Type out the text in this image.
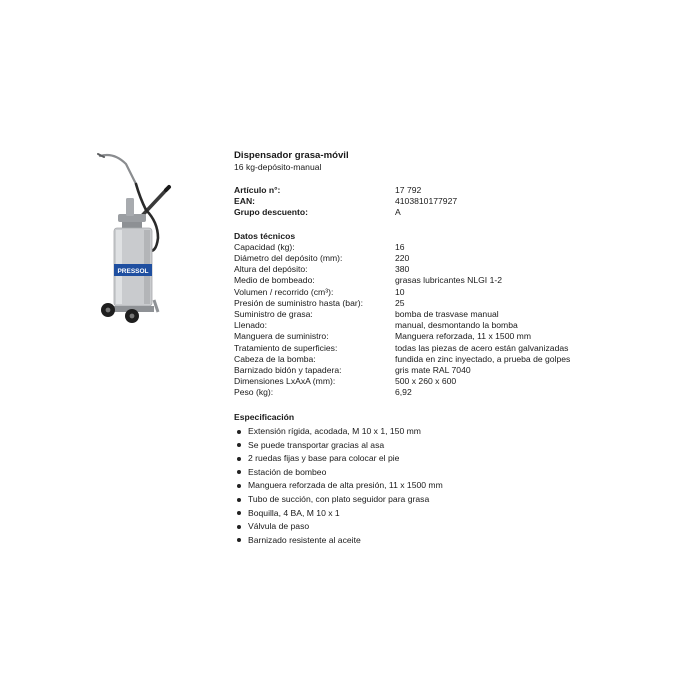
PRESSOL
Dispensador grasa-móvil
16 kg-depósito-manual
Artículo n°:	17 792
EAN:	4103810177927
Grupo descuento:	A
Datos técnicos
Capacidad (kg):	16
Diámetro del depósito (mm):	220
Altura del depósito:	380
Medio de bombeado:	grasas lubricantes NLGI 1-2
Volumen / recorrido (cm³):	10
Presión de suministro hasta (bar):	25
Suministro de grasa:	bomba de trasvase manual
Llenado:	manual, desmontando la bomba
Manguera de suministro:	Manguera reforzada, 11 x 1500 mm
Tratamiento de superficies:	todas las piezas de acero están galvanizadas
Cabeza de la bomba:	fundida en zinc inyectado, a prueba de golpes
Barnizado bidón y tapadera:	gris mate RAL 7040
Dimensiones LxAxA (mm):	500 x 260 x 600
Peso (kg):	6,92
Especificación
Extensión rígida, acodada, M 10 x 1, 150 mm
Se puede transportar gracias al asa
2 ruedas fijas y base para colocar el pie
Estación de bombeo
Manguera reforzada de alta presión, 11 x 1500 mm
Tubo de succión, con plato seguidor para grasa
Boquilla, 4 BA, M 10 x 1
Válvula de paso
Barnizado resistente al aceite
